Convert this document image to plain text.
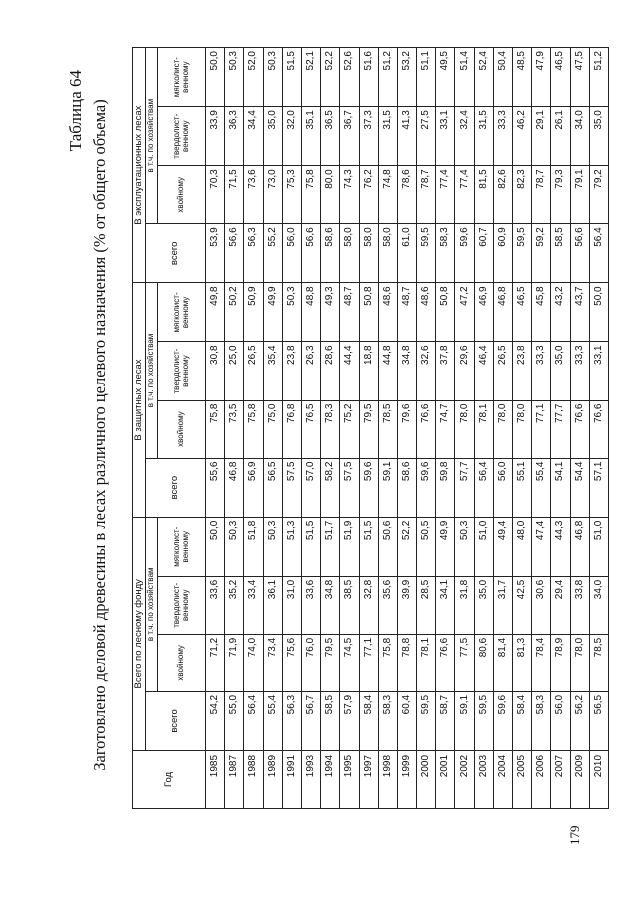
179
Таблица 64 Заготовлено деловой древесины в лесах различного целевого назначения (% от общего объема)
Год	Всего по лесному фонду				В защитных лесах				В эксплуатационных лесах			
	всего	в т.ч. по хозяйствам			всего	в т.ч. по хозяйствам			всего	в т.ч. по хозяйствам		
		хвойному	твердолист-венному	мягколист-венному		хвойному	твердолист-венному	мягколист-венному		хвойному	твердолист-венному	мягколист-венному
1985	54,2	71,2	33,6	50,0	55,6	75,8	30,8	49,8	53,9	70,3	33,9	50,0
1987	55,0	71,9	35,2	50,3	46,8	73,5	25,0	50,2	56,6	71,5	36,3	50,3
1988	56,4	74,0	33,4	51,8	56,9	75,8	26,5	50,9	56,3	73,6	34,4	52,0
1989	55,4	73,4	36,1	50,3	56,5	75,0	35,4	49,9	55,2	73,0	35,0	50,3
1991	56,3	75,6	31,0	51,3	57,5	76,8	23,8	50,3	56,0	75,3	32,0	51,5
1993	56,7	76,0	33,6	51,5	57,0	76,5	26,3	48,8	56,6	75,8	35,1	52,1
1994	58,5	79,5	34,8	51,7	58,2	78,3	28,6	49,3	58,6	80,0	36,5	52,2
1995	57,9	74,5	38,5	51,9	57,5	75,2	44,4	48,7	58,0	74,3	36,7	52,6
1997	58,4	77,1	32,8	51,5	59,6	79,5	18,8	50,8	58,0	76,2	37,3	51,6
1998	58,3	75,8	35,6	50,6	59,1	78,5	44,8	48,6	58,0	74,8	31,5	51,2
1999	60,4	78,8	39,9	52,2	58,6	79,6	34,8	48,7	61,0	78,6	41,3	53,2
2000	59,5	78,1	28,5	50,5	59,6	76,6	32,6	48,6	59,5	78,7	27,5	51,1
2001	58,7	76,6	34,1	49,9	59,8	74,7	37,8	50,8	58,3	77,4	33,1	49,5
2002	59,1	77,5	31,8	50,3	57,7	78,0	29,6	47,2	59,6	77,4	32,4	51,4
2003	59,5	80,6	35,0	51,0	56,4	78,1	46,4	46,9	60,7	81,5	31,5	52,4
2004	59,6	81,4	31,7	49,4	56,0	78,0	26,5	46,8	60,9	82,6	33,3	50,4
2005	58,4	81,3	42,5	48,0	55,1	78,0	23,8	46,5	59,5	82,3	46,2	48,5
2006	58,3	78,4	30,6	47,4	55,4	77,1	33,3	45,8	59,2	78,7	29,1	47,9
2007	56,0	78,9	29,4	44,3	54,1	77,7	35,0	43,2	58,5	79,3	26,1	46,5
2009	56,2	78,0	33,8	46,8	54,4	76,6	33,3	43,7	56,6	79,1	34,0	47,5
2010	56,5	78,5	34,0	51,0	57,1	76,6	33,1	50,0	56,4	79,2	35,0	51,2
